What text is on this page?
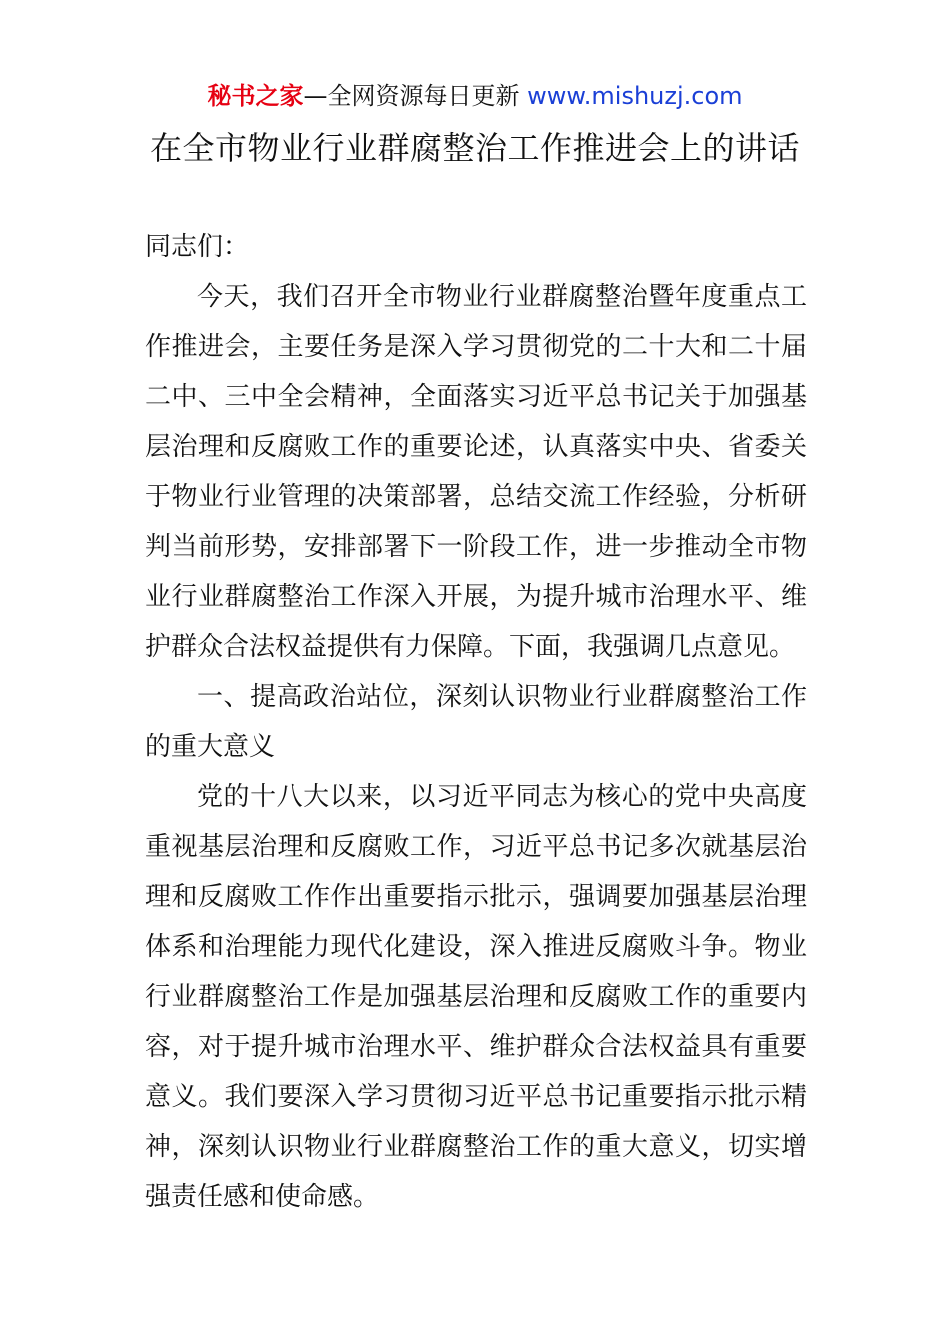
秘书之家—全网资源每日更新 www.mishuzj.com
在全市物业行业群腐整治工作推进会上的讲话

同志们：

今天，我们召开全市物业行业群腐整治暨年度重点工作推进会，主要任务是深入学习贯彻党的二十大和二十届二中、三中全会精神，全面落实习近平总书记关于加强基层治理和反腐败工作的重要论述，认真落实中央、省委关于物业行业管理的决策部署，总结交流工作经验，分析研判当前形势，安排部署下一阶段工作，进一步推动全市物业行业群腐整治工作深入开展，为提升城市治理水平、维护群众合法权益提供有力保障。下面，我强调几点意见。

一、提高政治站位，深刻认识物业行业群腐整治工作的重大意义

党的十八大以来，以习近平同志为核心的党中央高度重视基层治理和反腐败工作，习近平总书记多次就基层治理和反腐败工作作出重要指示批示，强调要加强基层治理体系和治理能力现代化建设，深入推进反腐败斗争。物业行业群腐整治工作是加强基层治理和反腐败工作的重要内容，对于提升城市治理水平、维护群众合法权益具有重要意义。我们要深入学习贯彻习近平总书记重要指示批示精神，深刻认识物业行业群腐整治工作的重大意义，切实增强责任感和使命感。
